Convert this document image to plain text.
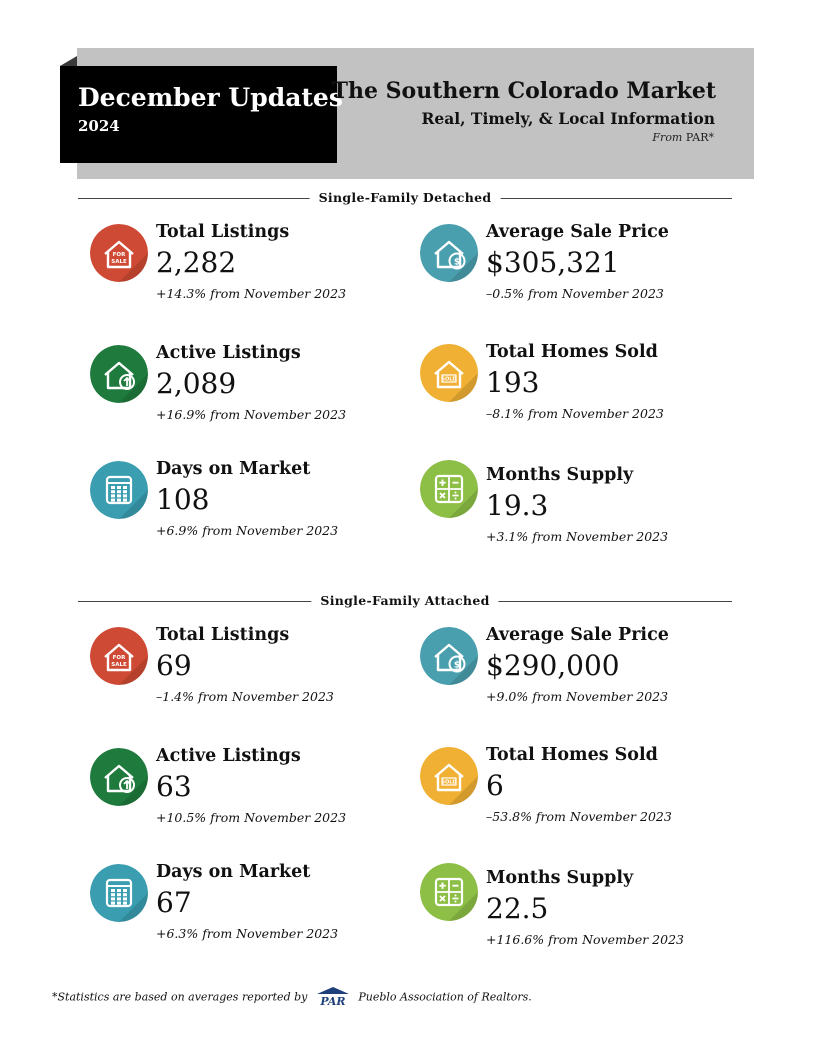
December Updates
2024
The Southern Colorado Market
Real, Timely, & Local Information
From PAR*
Single-Family Detached
FOR
SALE
Total Listings
2,282
+14.3% from November 2023
$
Average Sale Price
$305,321
–0.5% from November 2023
Active Listings
2,089
+16.9% from November 2023
SOLD
Total Homes Sold
193
–8.1% from November 2023
Days on Market
108
+6.9% from November 2023
Months Supply
19.3
+3.1% from November 2023
Single-Family Attached
FOR
SALE
Total Listings
69
–1.4% from November 2023
$
Average Sale Price
$290,000
+9.0% from November 2023
Active Listings
63
+10.5% from November 2023
SOLD
Total Homes Sold
6
–53.8% from November 2023
Days on Market
67
+6.3% from November 2023
Months Supply
22.5
+116.6% from November 2023
*Statistics are based on averages reported by PAR Pueblo Association of Realtors.
